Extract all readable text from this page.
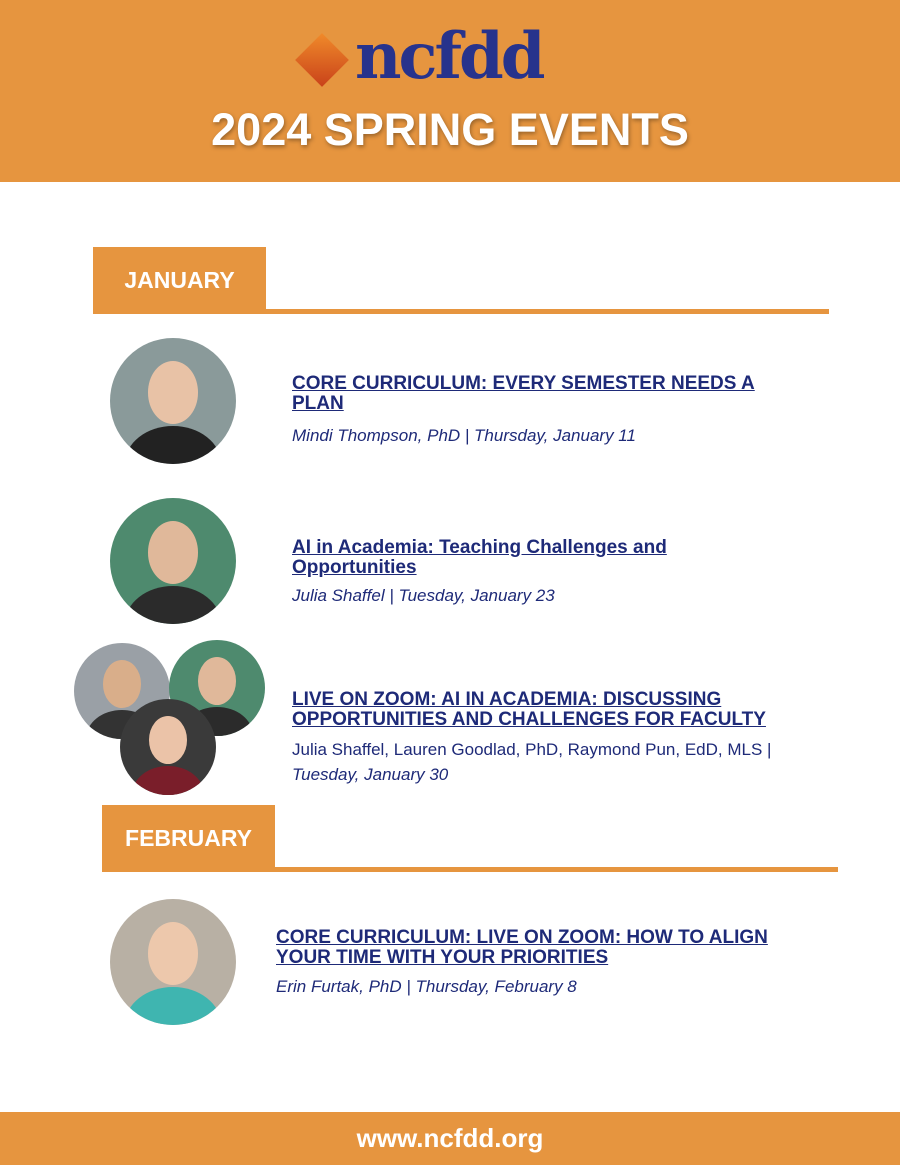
ncfdd
2024 SPRING EVENTS
JANUARY
CORE CURRICULUM: EVERY SEMESTER NEEDS A PLAN
Mindi Thompson, PhD | Thursday, January 11
AI in Academia: Teaching Challenges and Opportunities
Julia Shaffel | Tuesday, January 23
LIVE ON ZOOM: AI IN ACADEMIA: DISCUSSING OPPORTUNITIES AND CHALLENGES FOR FACULTY
Julia Shaffel, Lauren Goodlad, PhD, Raymond Pun, EdD, MLS |
Tuesday, January 30
FEBRUARY
CORE CURRICULUM: LIVE ON ZOOM: HOW TO ALIGN YOUR TIME WITH YOUR PRIORITIES
Erin Furtak, PhD | Thursday, February 8
www.ncfdd.org
